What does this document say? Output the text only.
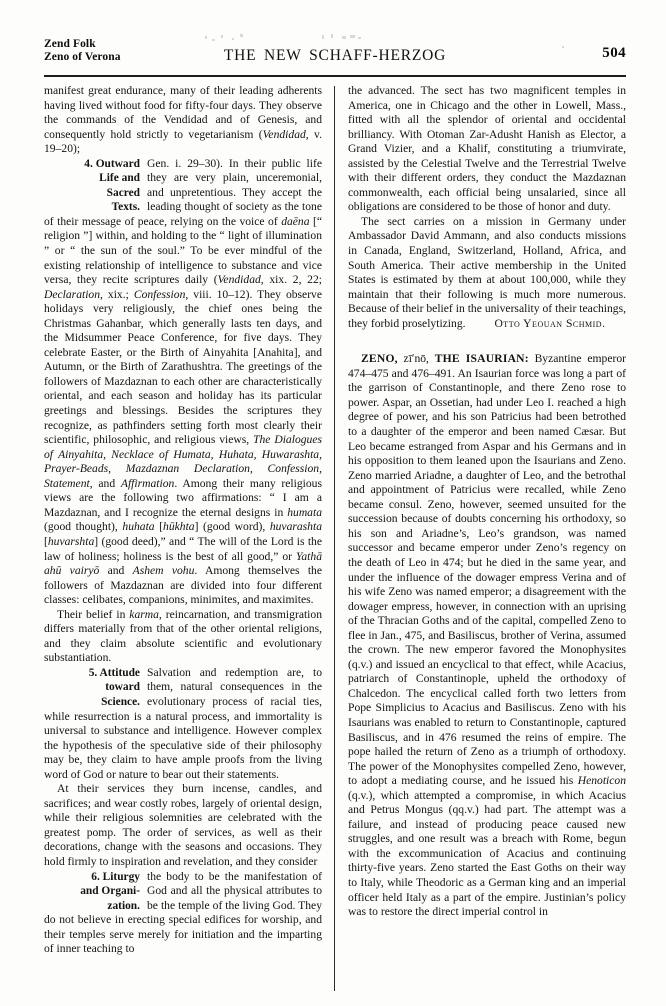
Zend Folk
Zeno of Verona	THE NEW SCHAFF-HERZOG	504

manifest great endurance, many of their leading adherents having lived without food for fifty-four days. They observe the commands of the Vendidad and of Genesis, and consequently hold strictly to vegetarianism (Vendidad, v. 19–20);

4. Outward
Life and
Sacred
Texts.
Gen. i. 29–30). In their public life they are very plain, unceremonial, and unpretentious. They accept the leading thought of society as the tone of their message of peace, relying on the voice of daēna [“ religion ”] within, and holding to the “ light of illumination ” or “ the sun of the soul.” To be ever mindful of the existing relationship of intelligence to substance and vice versa, they recite scriptures daily (Vendidad, xix. 2, 22; Declaration, xix.; Confession, viii. 10–12). They observe holidays very religiously, the chief ones being the Christmas Gahanbar, which generally lasts ten days, and the Midsummer Peace Conference, for five days. They celebrate Easter, or the Birth of Ainyahita [Anahita], and Autumn, or the Birth of Zarathushtra. The greetings of the followers of Mazdaznan to each other are characteristically oriental, and each season and holiday has its particular greetings and blessings. Besides the scriptures they recognize, as pathfinders setting forth most clearly their scientific, philosophic, and religious views, The Dialogues of Ainyahita, Necklace of Humata, Huhata, Huwarashta, Prayer-Beads, Mazdaznan Declaration, Confession, Statement, and Affirmation. Among their many religious views are the following two affirmations: “ I am a Mazdaznan, and I recognize the eternal designs in humata (good thought), huhata [hūkhta] (good word), huvarashta [huvarshta] (good deed),” and “ The will of the Lord is the law of holiness; holiness is the best of all good,” or Yathā ahū vairyō and Ashem vohu. Among themselves the followers of Mazdaznan are divided into four different classes: celibates, companions, minimites, and maximites.

Their belief in karma, reincarnation, and transmigration differs materially from that of the other oriental religions, and they claim absolute scientific and evolutionary substantiation.

5. Attitude
toward
Science.
Salvation and redemption are, to them, natural consequences in the evolutionary process of racial ties, while resurrection is a natural process, and immortality is universal to substance and intelligence. However complex the hypothesis of the speculative side of their philosophy may be, they claim to have ample proofs from the living word of God or nature to bear out their statements.

At their services they burn incense, candles, and sacrifices; and wear costly robes, largely of oriental design, while their religious solemnities are celebrated with the greatest pomp. The order of services, as well as their decorations, change with the seasons and occasions. They hold firmly to inspiration and revelation, and they consider

6. Liturgy
and Organi-
zation.
the body to be the manifestation of God and all the physical attributes to be the temple of the living God. They do not believe in erecting special edifices for worship, and their temples serve merely for initiation and the imparting of inner teaching to

the advanced. The sect has two magnificent temples in America, one in Chicago and the other in Lowell, Mass., fitted with all the splendor of oriental and occidental brilliancy. With Otoman Zar-Adusht Hanish as Elector, a Grand Vizier, and a Khalif, constituting a triumvirate, assisted by the Celestial Twelve and the Terrestrial Twelve with their different orders, they conduct the Mazdaznan commonwealth, each official being unsalaried, since all obligations are considered to be those of honor and duty.

The sect carries on a mission in Germany under Ambassador David Ammann, and also conducts missions in Canada, England, Switzerland, Holland, Africa, and South America. Their active membership in the United States is estimated by them at about 100,000, while they maintain that their following is much more numerous. Because of their belief in the universality of their teachings, they forbid proselytizing. Otto Yeouan Schmid.

ZENO, zīʹnō, THE ISAURIAN: Byzantine emperor 474–475 and 476–491. An Isaurian force was long a part of the garrison of Constantinople, and there Zeno rose to power. Aspar, an Ossetian, had under Leo I. reached a high degree of power, and his son Patricius had been betrothed to a daughter of the emperor and been named Cæsar. But Leo became estranged from Aspar and his Germans and in his opposition to them leaned upon the Isaurians and Zeno. Zeno married Ariadne, a daughter of Leo, and the betrothal and appointment of Patricius were recalled, while Zeno became consul. Zeno, however, seemed unsuited for the succession because of doubts concerning his orthodoxy, so his son and Ariadne’s, Leo’s grandson, was named successor and became emperor under Zeno’s regency on the death of Leo in 474; but he died in the same year, and under the influence of the dowager empress Verina and of his wife Zeno was named emperor; a disagreement with the dowager empress, however, in connection with an uprising of the Thracian Goths and of the capital, compelled Zeno to flee in Jan., 475, and Basiliscus, brother of Verina, assumed the crown. The new emperor favored the Monophysites (q.v.) and issued an encyclical to that effect, while Acacius, patriarch of Constantinople, upheld the orthodoxy of Chalcedon. The encyclical called forth two letters from Pope Simplicius to Acacius and Basiliscus. Zeno with his Isaurians was enabled to return to Constantinople, captured Basiliscus, and in 476 resumed the reins of empire. The pope hailed the return of Zeno as a triumph of orthodoxy. The power of the Monophysites compelled Zeno, however, to adopt a mediating course, and he issued his Henoticon (q.v.), which attempted a compromise, in which Acacius and Petrus Mongus (qq.v.) had part. The attempt was a failure, and instead of producing peace caused new struggles, and one result was a breach with Rome, begun with the excommunication of Acacius and continuing thirty-five years. Zeno started the East Goths on their way to Italy, while Theodoric as a German king and an imperial officer held Italy as a part of the empire. Justinian’s policy was to restore the direct imperial control in
